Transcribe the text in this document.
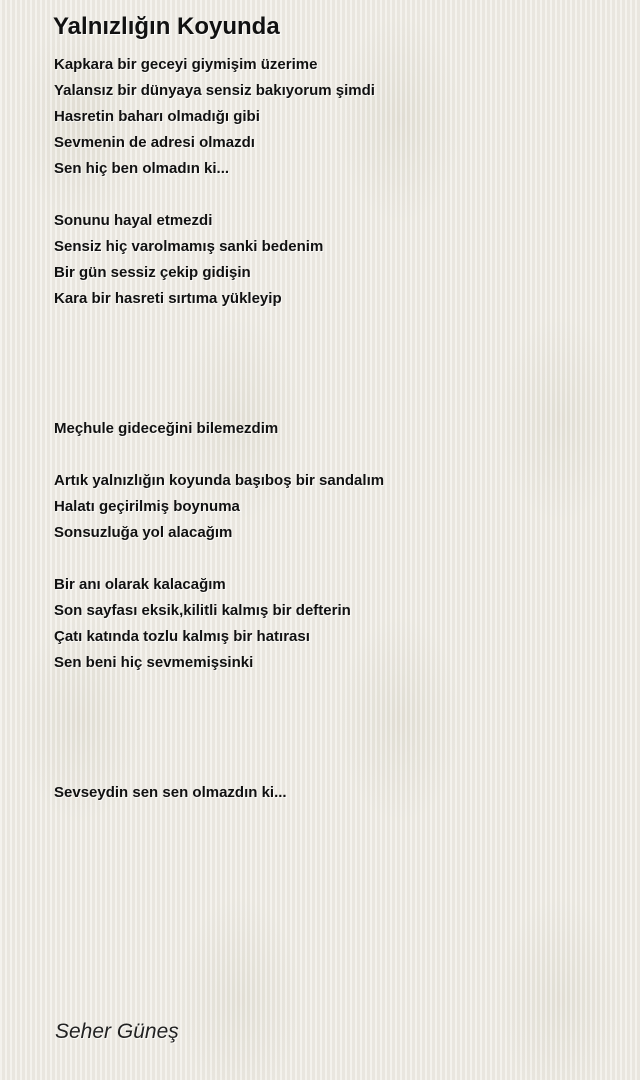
Yalnızlığın Koyunda
Kapkara bir geceyi giymişim üzerime
Yalansız bir dünyaya sensiz bakıyorum şimdi
Hasretin baharı olmadığı gibi
Sevmenin de adresi olmazdı
Sen hiç ben olmadın ki...
Sonunu hayal etmezdi
Sensiz hiç varolmamış sanki bedenim
Bir gün sessiz çekip gidişin
Kara bir hasreti sırtıma yükleyip
Meçhule gideceğini bilemezdim
Artık yalnızlığın koyunda başıboş bir sandalım
Halatı geçirilmiş boynuma
Sonsuzluğa yol alacağım
Bir anı olarak kalacağım
Son sayfası eksik,kilitli kalmış bir defterin
Çatı katında tozlu kalmış bir hatırası
Sen beni hiç sevmemişsinki
Sevseydin sen sen olmazdın ki...
Seher Güneş
